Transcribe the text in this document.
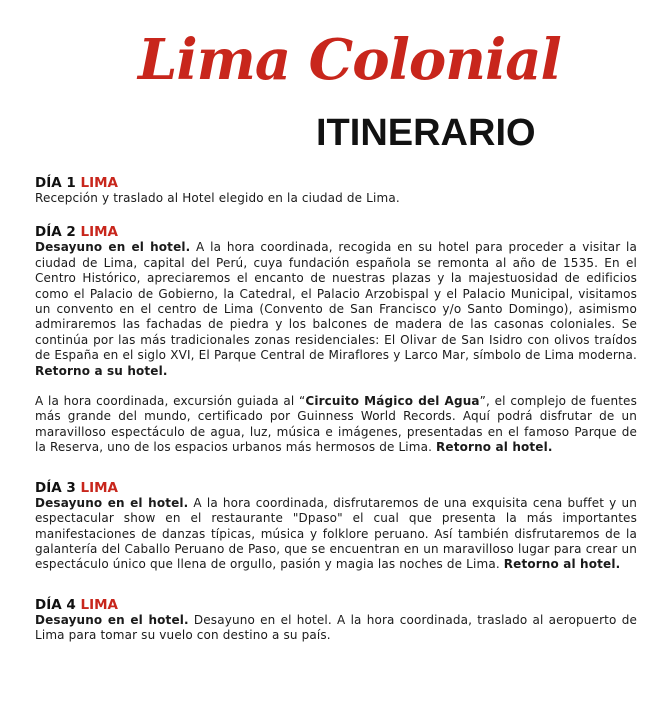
Lima Colonial
ITINERARIO

DÍA 1 LIMA

Recepción y traslado al Hotel elegido en la ciudad de Lima.

DÍA 2 LIMA

Desayuno en el hotel. A la hora coordinada, recogida en su hotel para proceder a visitar la ciudad de Lima, capital del Perú, cuya fundación española se remonta al año de 1535. En el Centro Histórico, apreciaremos el encanto de nuestras plazas y la majestuosidad de edificios como el Palacio de Gobierno, la Catedral, el Palacio Arzobispal y el Palacio Municipal, visitamos un convento en el centro de Lima (Convento de San Francisco y/o Santo Domingo), asimismo admiraremos las fachadas de piedra y los balcones de madera de las casonas coloniales. Se continúa por las más tradicionales zonas residenciales: El Olivar de San Isidro con olivos traídos de España en el siglo XVI, El Parque Central de Miraflores y Larco Mar, símbolo de Lima moderna. Retorno a su hotel.

A la hora coordinada, excursión guiada al “Circuito Mágico del Agua”, el complejo de fuentes más grande del mundo, certificado por Guinness World Records. Aquí podrá disfrutar de un maravilloso espectáculo de agua, luz, música e imágenes, presentadas en el famoso Parque de la Reserva, uno de los espacios urbanos más hermosos de Lima. Retorno al hotel.

DÍA 3 LIMA

Desayuno en el hotel. A la hora coordinada, disfrutaremos de una exquisita cena buffet y un espectacular show en el restaurante "Dpaso" el cual que presenta la más importantes manifestaciones de danzas típicas, música y folklore peruano. Así también disfrutaremos de la galantería del Caballo Peruano de Paso, que se encuentran en un maravilloso lugar para crear un espectáculo único que llena de orgullo, pasión y magia las noches de Lima. Retorno al hotel.

DÍA 4 LIMA

Desayuno en el hotel. Desayuno en el hotel. A la hora coordinada, traslado al aeropuerto de Lima para tomar su vuelo con destino a su país.
